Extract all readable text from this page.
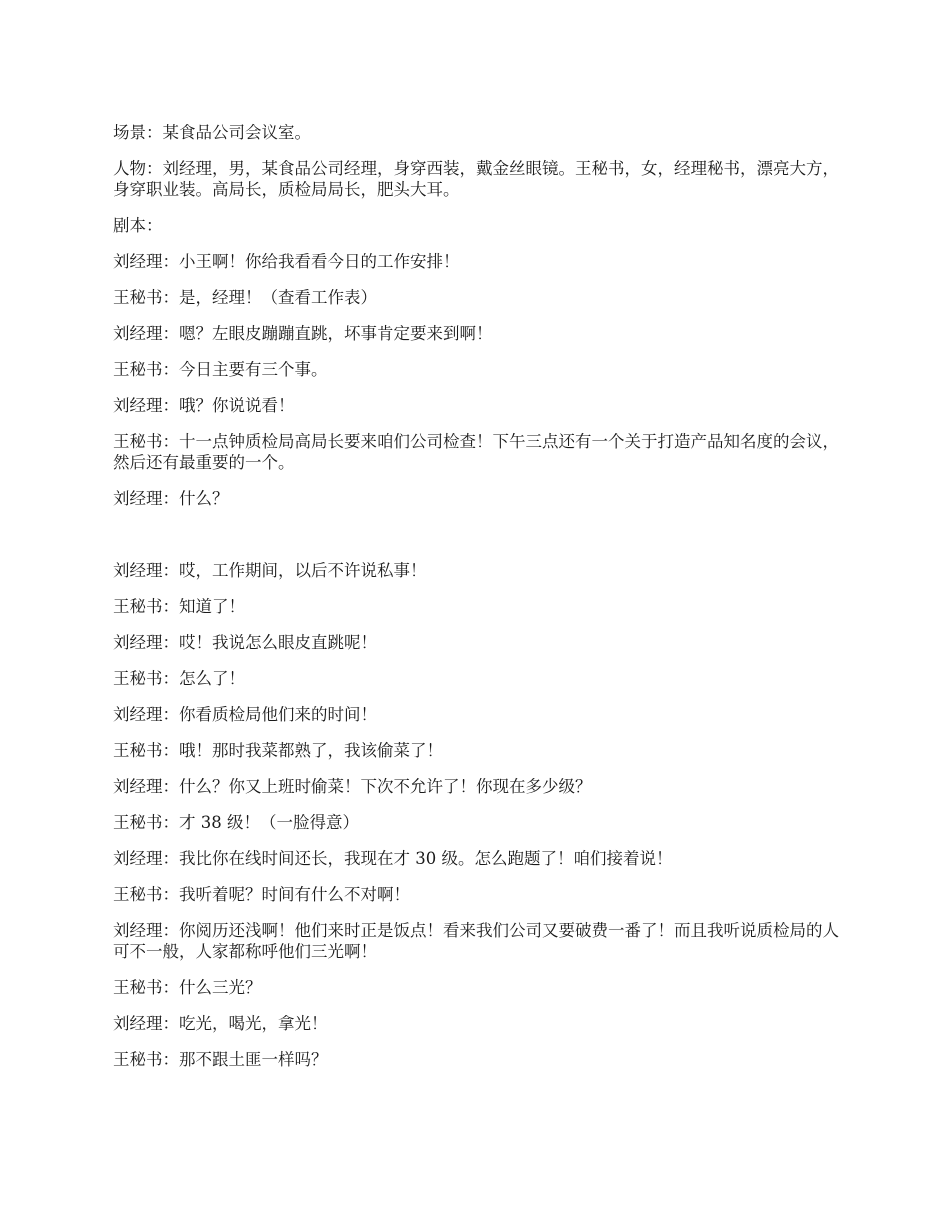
场景：某食品公司会议室。

人物：刘经理，男，某食品公司经理，身穿西装，戴金丝眼镜。王秘书，女，经理秘书，漂亮大方，身穿职业装。高局长，质检局局长，肥头大耳。

剧本：

刘经理：小王啊！你给我看看今日的工作安排！

王秘书：是，经理！（查看工作表）

刘经理：嗯？左眼皮蹦蹦直跳，坏事肯定要来到啊！

王秘书：今日主要有三个事。

刘经理：哦？你说说看！

王秘书：十一点钟质检局高局长要来咱们公司检查！下午三点还有一个关于打造产品知名度的会议，然后还有最重要的一个。

刘经理：什么？

刘经理：哎，工作期间，以后不许说私事！

王秘书：知道了！

刘经理：哎！我说怎么眼皮直跳呢！

王秘书：怎么了！

刘经理：你看质检局他们来的时间！

王秘书：哦！那时我菜都熟了，我该偷菜了！

刘经理：什么？你又上班时偷菜！下次不允许了！你现在多少级？

王秘书：才 38 级！（一脸得意）

刘经理：我比你在线时间还长，我现在才 30 级。怎么跑题了！咱们接着说！

王秘书：我听着呢？时间有什么不对啊！

刘经理：你阅历还浅啊！他们来时正是饭点！看来我们公司又要破费一番了！而且我听说质检局的人可不一般，人家都称呼他们三光啊！

王秘书：什么三光？

刘经理：吃光，喝光，拿光！

王秘书：那不跟土匪一样吗？
